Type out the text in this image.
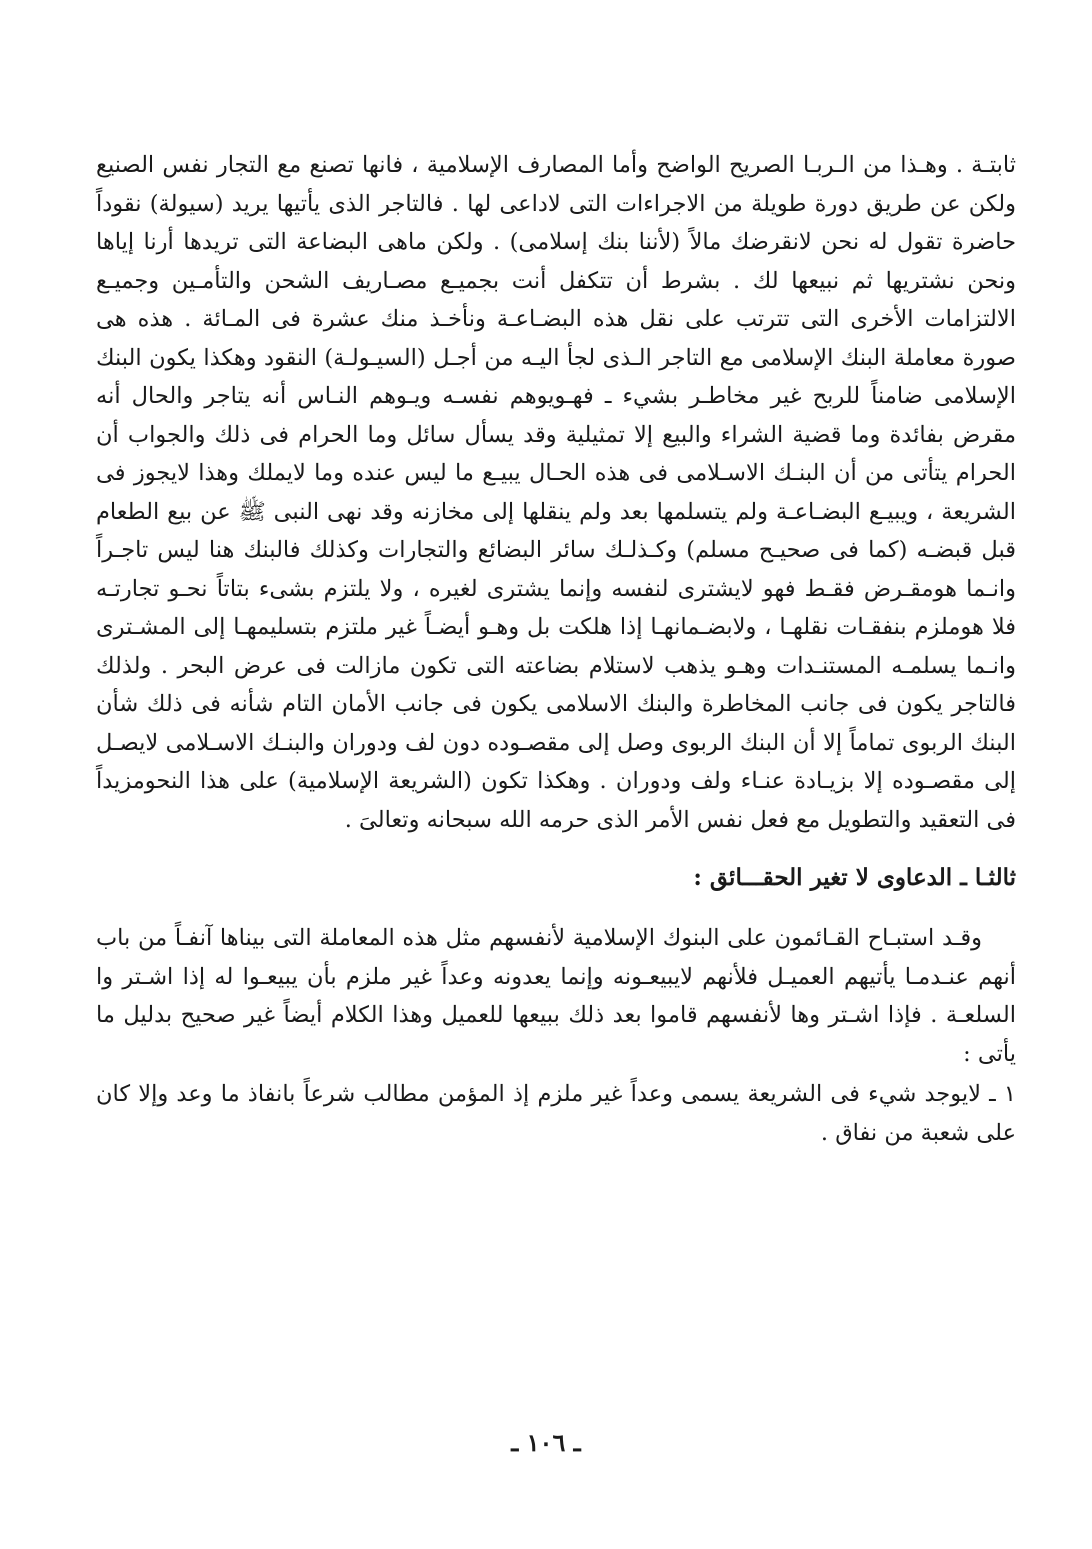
ثابتـة . وهـذا من الـربـا الصريح الواضح وأما المصارف الإسلامية ، فانها تصنع مع التجار نفس الصنيع ولكن عن طريق دورة طويلة من الاجراءات التى لاداعى لها . فالتاجر الذى يأتيها يريد (سيولة) نقوداً حاضرة تقول له نحن لانقرضك مالاً (لأننا بنك إسلامى) . ولكن ماهى البضاعة التى تريدها أرنا إياها ونحن نشتريها ثم نبيعها لك . بشرط أن تتكفل أنت بجميـع مصـاريف الشحن والتأمـين وجميـع الالتزامات الأخرى التى تترتب على نقل هذه البضـاعـة ونأخـذ منك عشرة فى المـائة . هذه هى صورة معاملة البنك الإسلامى مع التاجر الـذى لجأ اليـه من أجـل (السيـولـة) النقود وهكذا يكون البنك الإسلامى ضامناً للربح غير مخاطـر بشيء ـ فهـويوهم نفسـه ويـوهم النـاس أنه يتاجر والحال أنه مقرض بفائدة وما قضية الشراء والبيع إلا تمثيلية وقد يسأل سائل وما الحرام فى ذلك والجواب أن الحرام يتأتى من أن البنـك الاسـلامى فى هذه الحـال يبيـع ما ليس عنده وما لايملك وهذا لايجوز فى الشريعة ، ويبيـع البضـاعـة ولم يتسلمها بعد ولم ينقلها إلى مخازنه وقد نهى النبى ﷺ عن بيع الطعام قبل قبضـه (كما فى صحيـح مسلم) وكـذلـك سائر البضائع والتجارات وكذلك فالبنك هنا ليس تاجـراً وانـما هومقـرض فقـط فهو لايشترى لنفسه وإنما يشترى لغيره ، ولا يلتزم بشىء بتاتاً نحـو تجارتـه فلا هوملزم بنفقـات نقلهـا ، ولابضـمانهـا إذا هلكت بل وهـو أيضـاً غير ملتزم بتسليمهـا إلى المشـترى وانـما يسلمـه المستنـدات وهـو يذهب لاستلام بضاعته التى تكون مازالت فى عرض البحر . ولذلك فالتاجر يكون فى جانب المخاطرة والبنك الاسلامى يكون فى جانب الأمان التام شأنه فى ذلك شأن البنك الربوى تماماً إلا أن البنك الربوى وصل إلى مقصـوده دون لف ودوران والبنـك الاسـلامى لايصـل إلى مقصـوده إلا بزيـادة عنـاء ولف ودوران . وهكذا تكون (الشريعة الإسلامية) على هذا النحومزيداً فى التعقيد والتطويل مع فعل نفس الأمر الذى حرمه الله سبحانه وتعالىَ .

ثالثـا ـ الدعاوى لا تغير الحقـــائق :

وقـد استبـاح القـائمون على البنوك الإسلامية لأنفسهم مثل هذه المعاملة التى بيناها آنفـاً من باب أنهم عنـدمـا يأتيهم العميـل فلأنهم لايبيعـونه وإنما يعدونه وعداً غير ملزم بأن يبيعـوا له إذا اشـتر وا السلعـة . فإذا اشـتر وها لأنفسهم قاموا بعد ذلك ببيعها للعميل وهذا الكلام أيضاً غير صحيح بدليل ما يأتى :

١ ـ لايوجد شيء فى الشريعة يسمى وعداً غير ملزم إذ المؤمن مطالب شرعاً بانفاذ ما وعد وإلا كان على شعبة من نفاق .

ـ ١٠٦ ـ
